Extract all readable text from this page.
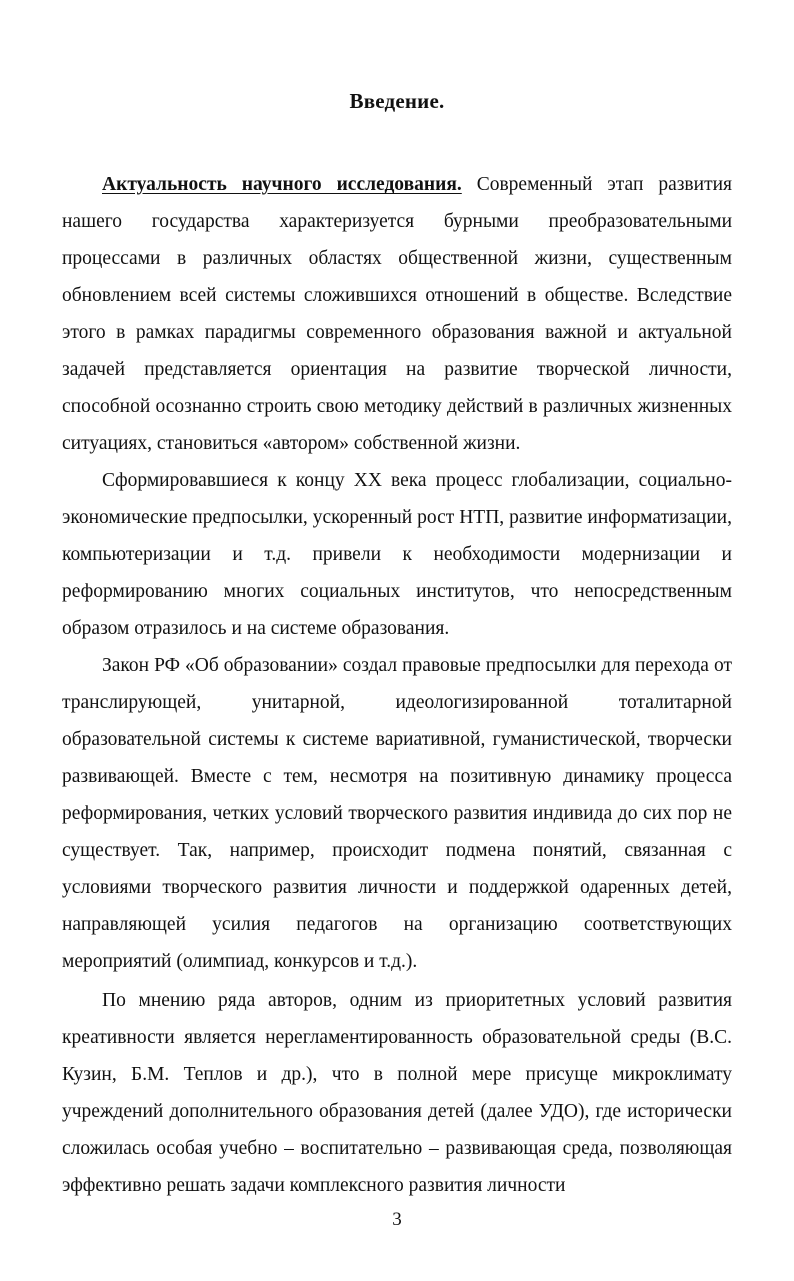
Введение.

Актуальность научного исследования. Современный этап развития нашего государства характеризуется бурными преобразовательными процессами в различных областях общественной жизни, существенным обновлением всей системы сложившихся отношений в обществе. Вследствие этого в рамках парадигмы современного образования важной и актуальной задачей представляется ориентация на развитие творческой личности, способной осознанно строить свою методику действий в различных жизненных ситуациях, становиться «автором» собственной жизни.

Сформировавшиеся к концу XX века процесс глобализации, социально-экономические предпосылки, ускоренный рост НТП, развитие информатизации, компьютеризации и т.д. привели к необходимости модернизации и реформированию многих социальных институтов, что непосредственным образом отразилось и на системе образования.

Закон РФ «Об образовании» создал правовые предпосылки для перехода от транслирующей, унитарной, идеологизированной тоталитарной образовательной системы к системе вариативной, гуманистической, творчески развивающей. Вместе с тем, несмотря на позитивную динамику процесса реформирования, четких условий творческого развития индивида до сих пор не существует. Так, например, происходит подмена понятий, связанная с условиями творческого развития личности и поддержкой одаренных детей, направляющей усилия педагогов на организацию соответствующих мероприятий (олимпиад, конкурсов и т.д.).

По мнению ряда авторов, одним из приоритетных условий развития креативности является нерегламентированность образовательной среды (В.С. Кузин, Б.М. Теплов и др.), что в полной мере присуще микроклимату учреждений дополнительного образования детей (далее УДО), где исторически сложилась особая учебно – воспитательно – развивающая среда, позволяющая эффективно решать задачи комплексного развития личности

3
